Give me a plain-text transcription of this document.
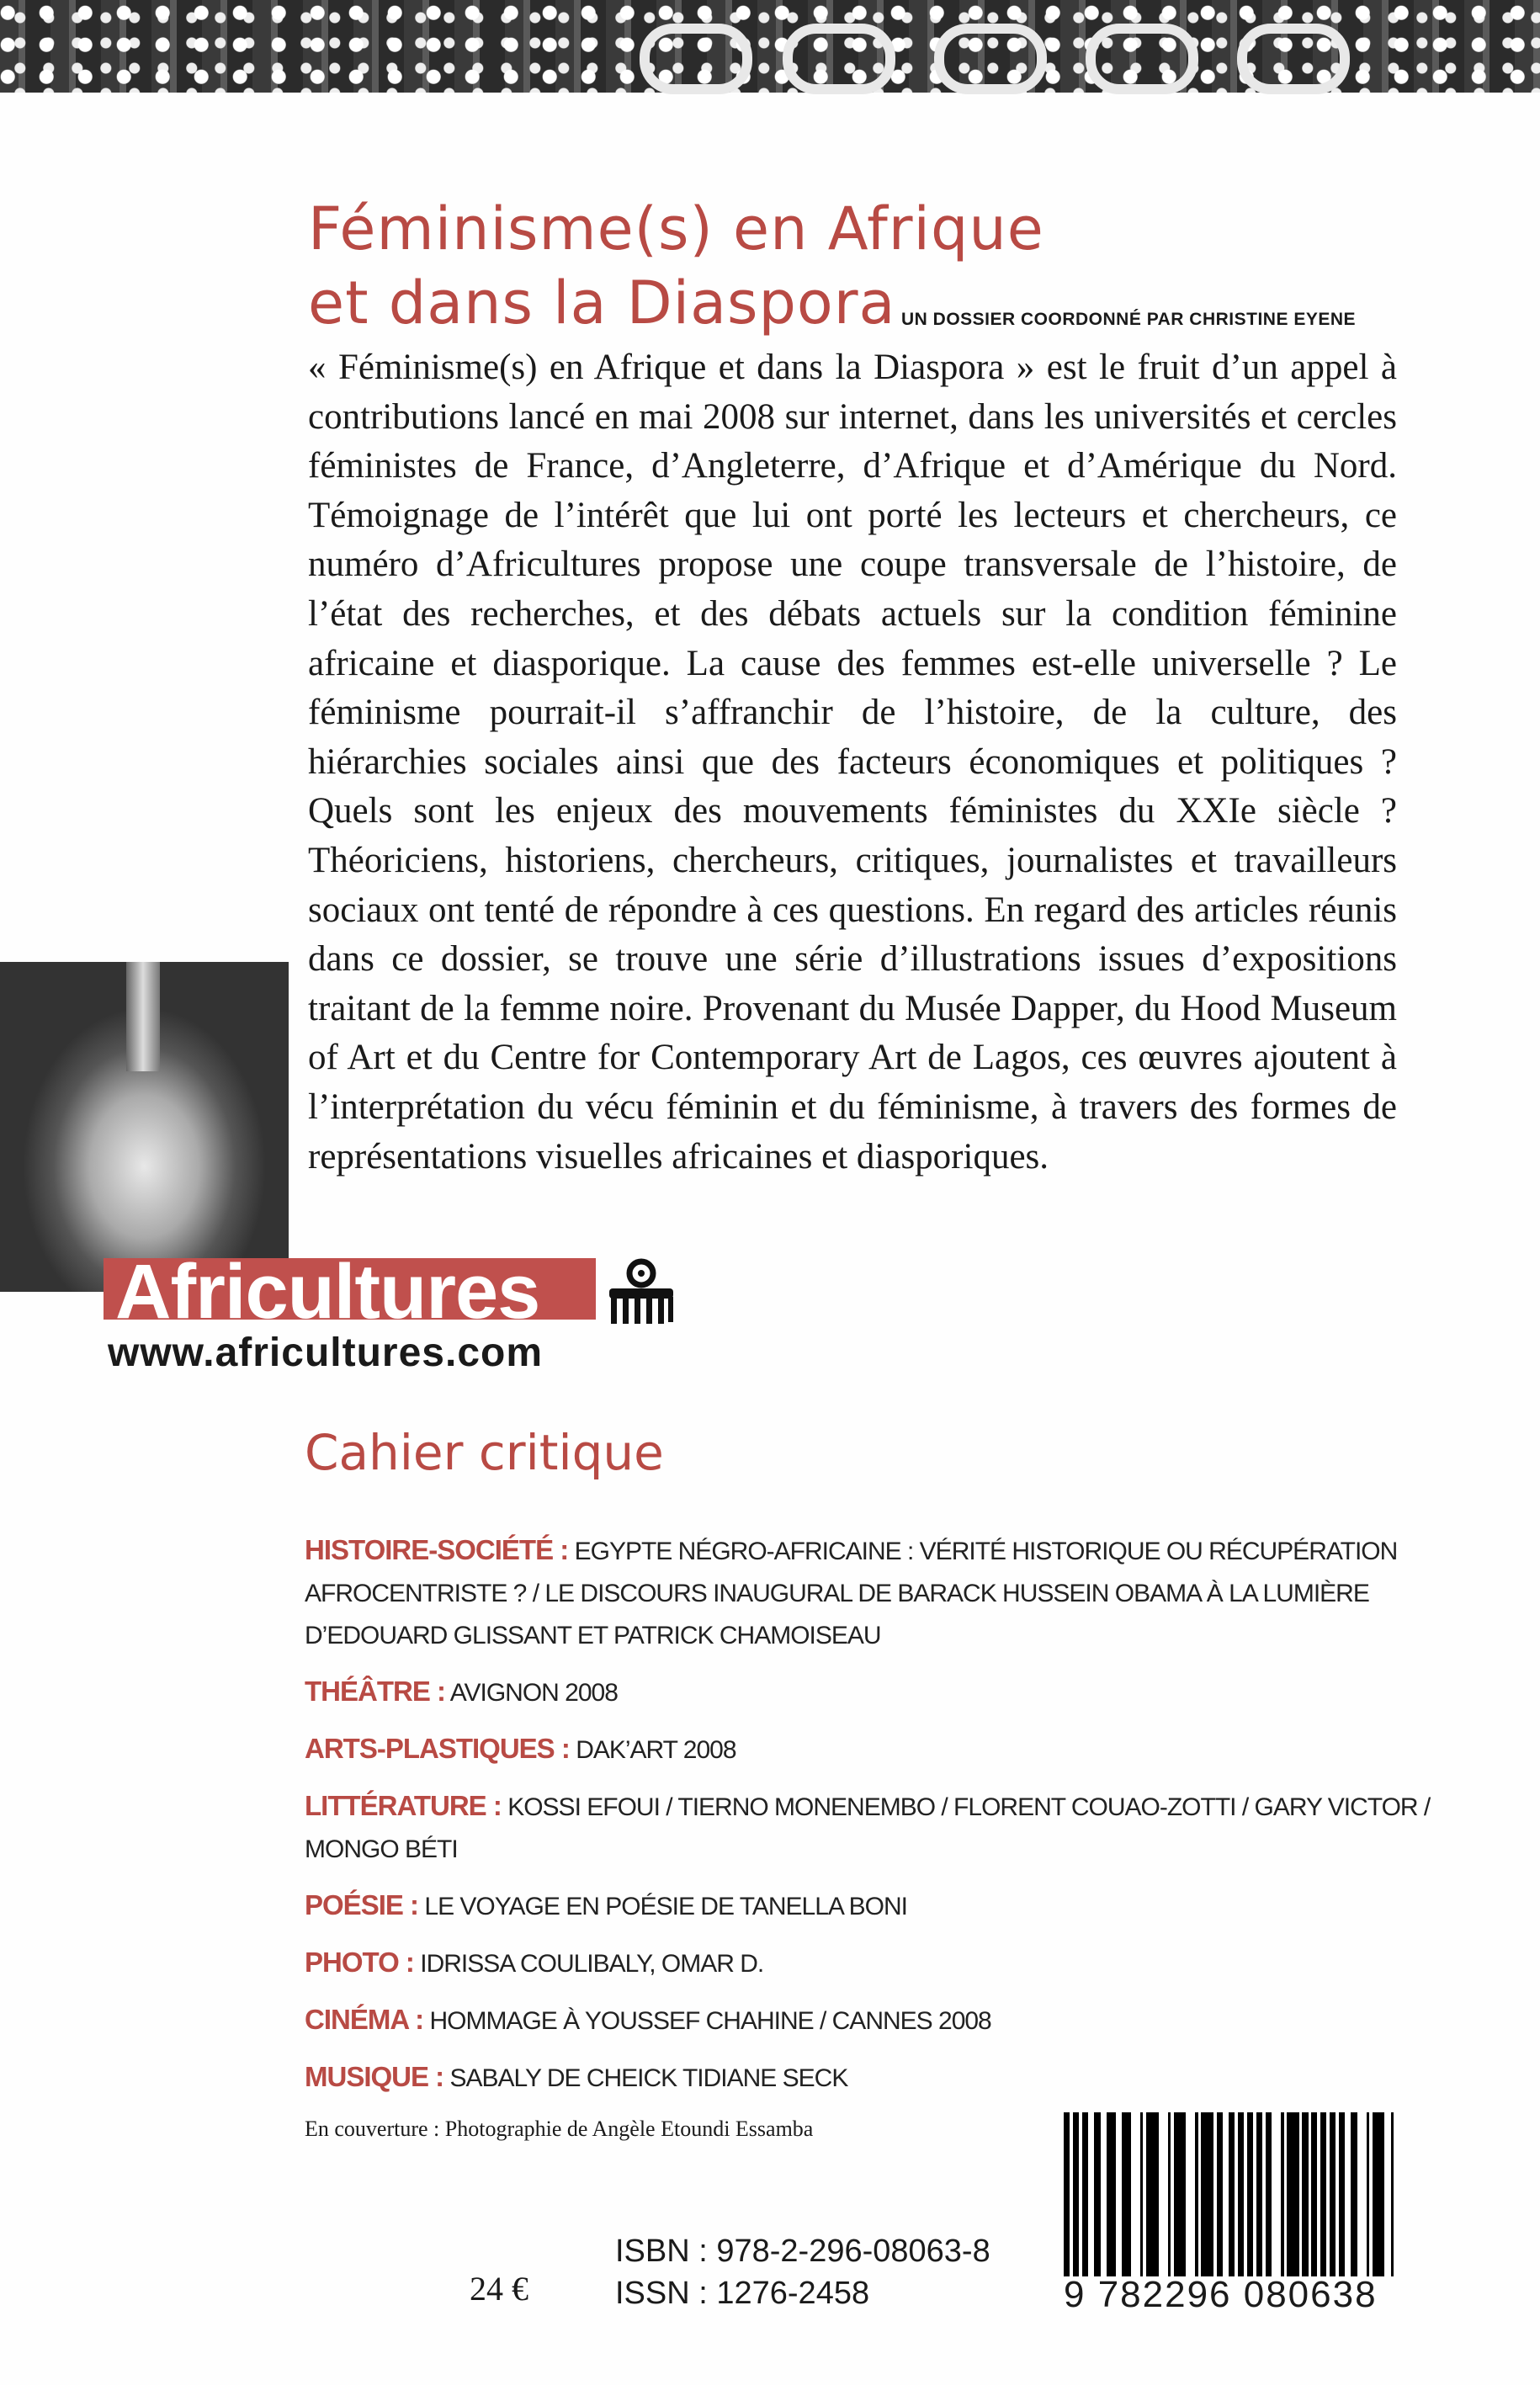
Féminisme(s) en Afrique
et dans la Diaspora UN DOSSIER COORDONNÉ PAR CHRISTINE EYENE
« Féminisme(s) en Afrique et dans la Diaspora » est le fruit d’un appel à contributions lancé en mai 2008 sur internet, dans les universités et cercles féministes de France, d’Angleterre, d’Afrique et d’Amérique du Nord. Témoignage de l’intérêt que lui ont porté les lecteurs et chercheurs, ce numéro d’Africultures propose une coupe transversale de l’histoire, de l’état des recherches, et des débats actuels sur la condition féminine africaine et diasporique. La cause des femmes est-elle universelle ? Le féminisme pourrait-il s’affranchir de l’histoire, de la culture, des hiérarchies sociales ainsi que des facteurs économiques et politiques ? Quels sont les enjeux des mouvements féministes du XXIe siècle ? Théoriciens, historiens, chercheurs, critiques, journalistes et travailleurs sociaux ont tenté de répondre à ces questions. En regard des articles réunis dans ce dossier, se trouve une série d’illustrations issues d’expositions traitant de la femme noire. Provenant du Musée Dapper, du Hood Museum of Art et du Centre for Contemporary Art de Lagos, ces œuvres ajoutent à l’interprétation du vécu féminin et du féminisme, à travers des formes de représentations visuelles africaines et diasporiques.
Africultures
www.africultures.com
Cahier critique
HISTOIRE-SOCIÉTÉ : EGYPTE NÉGRO-AFRICAINE : VÉRITÉ HISTORIQUE OU RÉCUPÉRATION AFROCENTRISTE ? / LE DISCOURS INAUGURAL DE BARACK HUSSEIN OBAMA À LA LUMIÈRE D’EDOUARD GLISSANT ET PATRICK CHAMOISEAU
THÉÂTRE : AVIGNON 2008
ARTS-PLASTIQUES : DAK’ART 2008
LITTÉRATURE : KOSSI EFOUI / TIERNO MONENEMBO / FLORENT COUAO-ZOTTI / GARY VICTOR / MONGO BÉTI
POÉSIE : LE VOYAGE EN POÉSIE DE TANELLA BONI
PHOTO : IDRISSA COULIBALY, OMAR D.
CINÉMA : HOMMAGE À YOUSSEF CHAHINE / CANNES 2008
MUSIQUE : SABALY DE CHEICK TIDIANE SECK
En couverture : Photographie de Angèle Etoundi Essamba
ISBN : 978-2-296-08063-8
ISSN : 1276-2458
24 €	9 782296 080638
